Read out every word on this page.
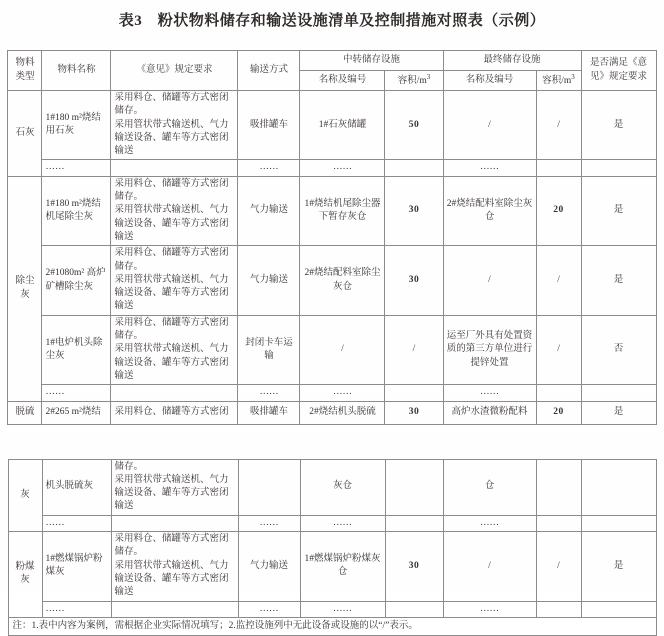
表3　粉状物料储存和输送设施清单及控制措施对照表（示例）
物料类型	物料名称	《意见》规定要求	输送方式	中转储存设施		最终储存设施		是否满足《意见》规定要求
				名称及编号	容积$/m^3$	名称及编号	容积$/m^3$
石灰	1#180 m²烧结用石灰	采用料仓、储罐等方式密闭储存。
采用管状带式输送机、气力输送设备、罐车等方式密闭输送	吸排罐车	1#石灰储罐	50	/	/	是
	……		……	……		……		
除尘灰	1#180 m²烧结机尾除尘灰	采用料仓、储罐等方式密闭储存。
采用管状带式输送机、气力输送设备、罐车等方式密闭输送	气力输送	1#烧结机尾除尘器下暂存灰仓	30	2#烧结配料室除尘灰仓	20	是
	2#1080m² 高炉矿槽除尘灰	采用料仓、储罐等方式密闭储存。
采用管状带式输送机、气力输送设备、罐车等方式密闭输送	气力输送	2#烧结配料室除尘灰仓	30	/	/	是
	1#电炉机头除尘灰	采用料仓、储罐等方式密闭储存。
采用管状带式输送机、气力输送设备、罐车等方式密闭输送	封闭卡车运输	/	/	运至厂外具有处置资质的第三方单位进行提锌处置	/	否
	……		……	……		……		
脱硫	2#265 m²烧结	采用料仓、储罐等方式密闭	吸排罐车	2#烧结机头脱硫	30	高炉水渣微粉配料	20	是
灰	机头脱硫灰	储存。
采用管状带式输送机、气力输送设备、罐车等方式密闭输送		灰仓		仓		
	……		……	……		……		
粉煤灰	1#燃煤锅炉粉煤灰	采用料仓、储罐等方式密闭储存。
采用管状带式输送机、气力输送设备、罐车等方式密闭输送	气力输送	1#燃煤锅炉粉煤灰仓	30	/	/	是
	……		……	……		……		
注：1.表中内容为案例，需根据企业实际情况填写；2.监控设施列中无此设备或设施的以“/”表示。								
